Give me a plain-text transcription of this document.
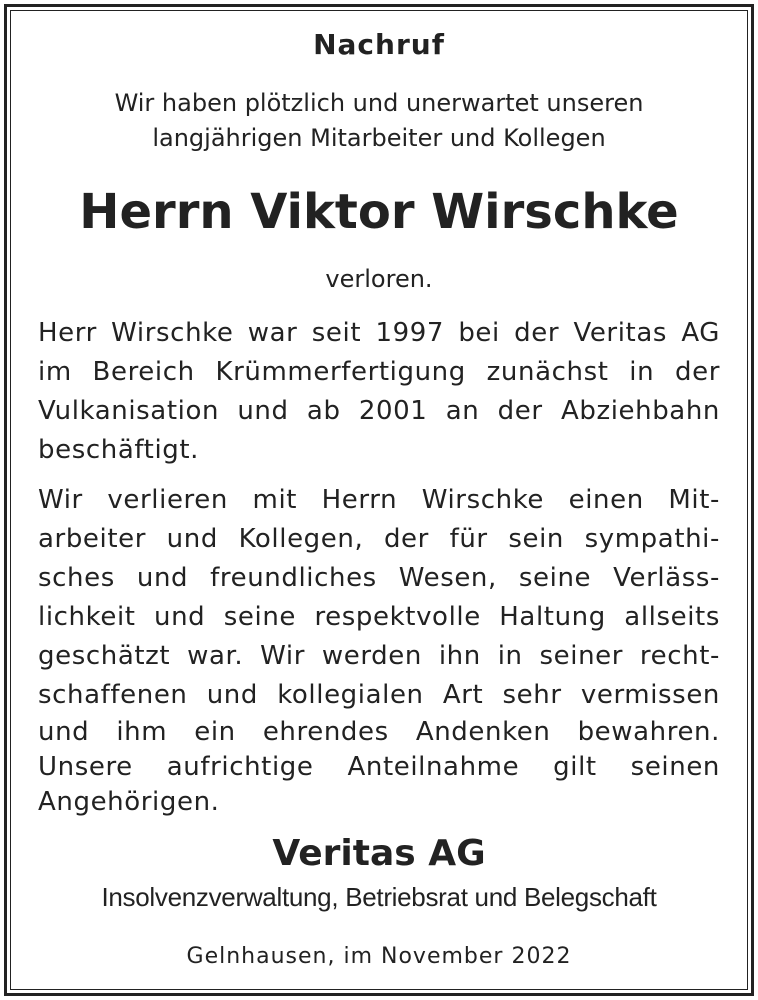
Nachruf
Wir haben plötzlich und unerwartet unseren
langjährigen Mitarbeiter und Kollegen
Herrn Viktor Wirschke
verloren.
Herr Wirschke war seit 1997 bei der Veritas AG
im Bereich Krümmerfertigung zunächst in der
Vulkanisation und ab 2001 an der Abziehbahn
beschäftigt.
Wir verlieren mit Herrn Wirschke einen Mit-
arbeiter und Kollegen, der für sein sympathi-
sches und freundliches Wesen, seine Verläss-
lichkeit und seine respektvolle Haltung allseits
geschätzt war. Wir werden ihn in seiner recht-
schaffenen und kollegialen Art sehr vermissen
und ihm ein ehrendes Andenken bewahren.
Unsere aufrichtige Anteilnahme gilt seinen
Angehörigen.
Veritas AG
Insolvenzverwaltung, Betriebsrat und Belegschaft
Gelnhausen, im November 2022
